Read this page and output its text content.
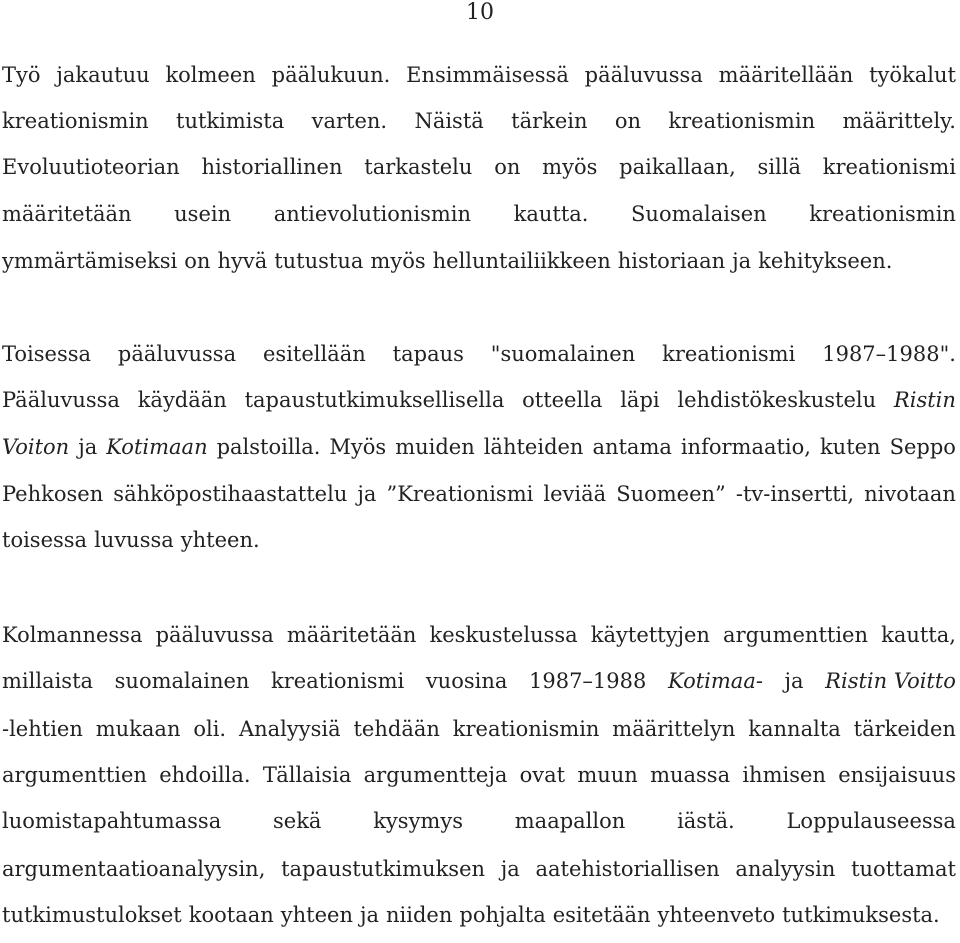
10
Työ jakautuu kolmeen päälukuun. Ensimmäisessä pääluvussa määritellään työkalut
kreationismin tutkimista varten. Näistä tärkein on kreationismin määrittely.
Evoluutioteorian historiallinen tarkastelu on myös paikallaan, sillä kreationismi
määritetään usein antievolutionismin kautta. Suomalaisen kreationismin
ymmärtämiseksi on hyvä tutustua myös helluntailiikkeen historiaan ja kehitykseen.
Toisessa pääluvussa esitellään tapaus "suomalainen kreationismi 1987–1988".
Pääluvussa käydään tapaustutkimuksellisella otteella läpi lehdistökeskustelu Ristin
Voiton ja Kotimaan palstoilla. Myös muiden lähteiden antama informaatio, kuten Seppo
Pehkosen sähköpostihaastattelu ja ”Kreationismi leviää Suomeen” -tv-insertti, nivotaan
toisessa luvussa yhteen.
Kolmannessa pääluvussa määritetään keskustelussa käytettyjen argumenttien kautta,
millaista suomalainen kreationismi vuosina 1987–1988 Kotimaa- ja Ristin Voitto
-lehtien mukaan oli. Analyysiä tehdään kreationismin määrittelyn kannalta tärkeiden
argumenttien ehdoilla. Tällaisia argumentteja ovat muun muassa ihmisen ensijaisuus
luomistapahtumassa sekä kysymys maapallon iästä. Loppulauseessa
argumentaatioanalyysin, tapaustutkimuksen ja aatehistoriallisen analyysin tuottamat
tutkimustulokset kootaan yhteen ja niiden pohjalta esitetään yhteenveto tutkimuksesta.
